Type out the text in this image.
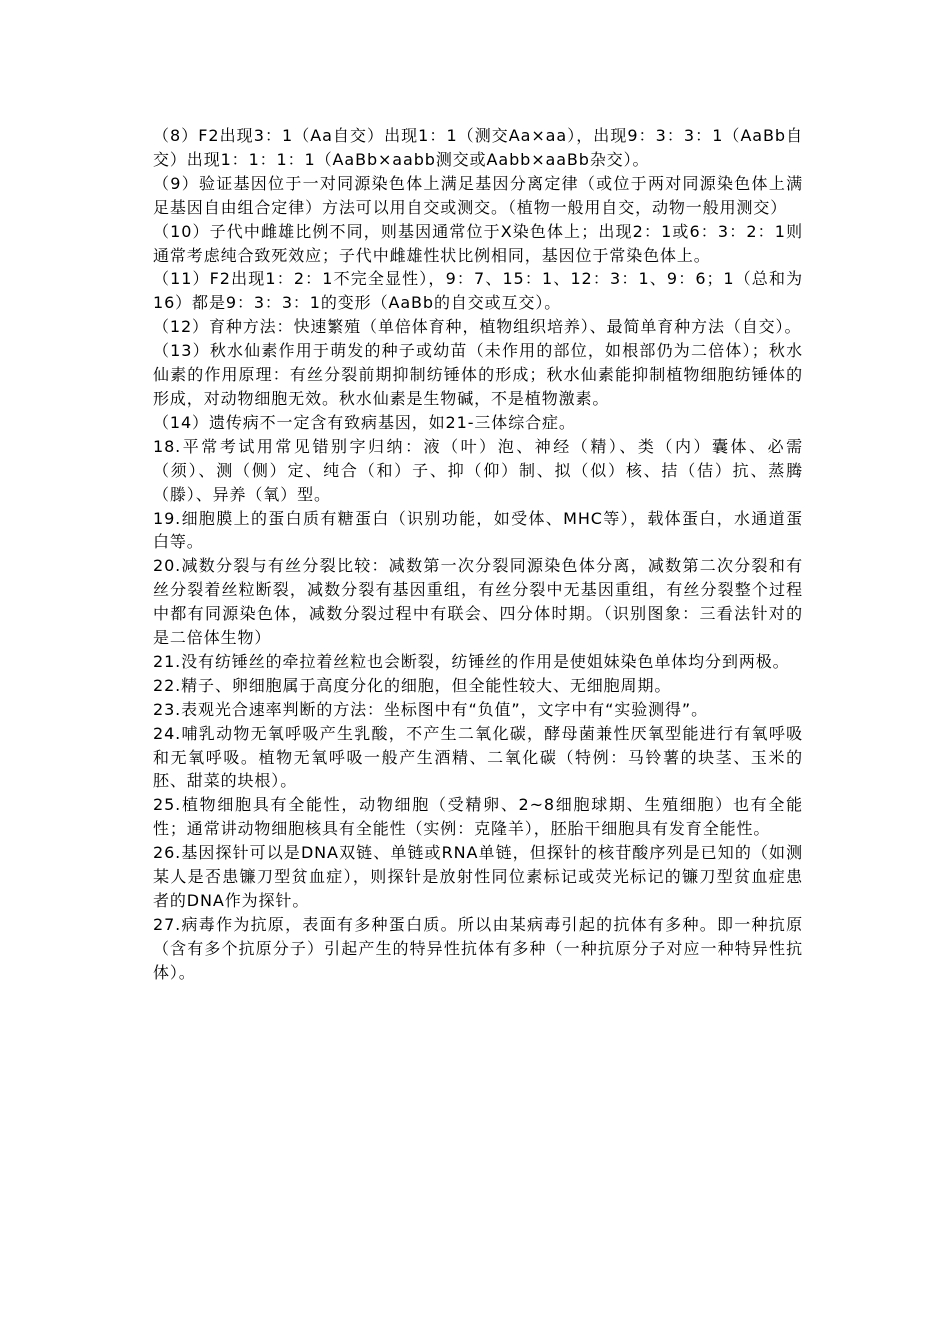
（8）F2出现3：1（Aa自交）出现1：1（测交Aa×aa），出现9：3：3：1（AaBb自交）出现1：1：1：1（AaBb×aabb测交或Aabb×aaBb杂交）。

（9）验证基因位于一对同源染色体上满足基因分离定律（或位于两对同源染色体上满足基因自由组合定律）方法可以用自交或测交。（植物一般用自交，动物一般用测交）

（10）子代中雌雄比例不同，则基因通常位于X染色体上；出现2：1或6：3：2：1则通常考虑纯合致死效应；子代中雌雄性状比例相同，基因位于常染色体上。

（11）F2出现1：2：1不完全显性），9：7、15：1、12：3：1、9：6；1（总和为16）都是9：3：3：1的变形（AaBb的自交或互交）。

（12）育种方法：快速繁殖（单倍体育种，植物组织培养）、最简单育种方法（自交）。

（13）秋水仙素作用于萌发的种子或幼苗（未作用的部位，如根部仍为二倍体）；秋水仙素的作用原理：有丝分裂前期抑制纺锤体的形成；秋水仙素能抑制植物细胞纺锤体的形成，对动物细胞无效。秋水仙素是生物碱，不是植物激素。

（14）遗传病不一定含有致病基因，如21-三体综合症。

18.平常考试用常见错别字归纳：液（叶）泡、神经（精）、类（内）囊体、必需（须）、测（侧）定、纯合（和）子、抑（仰）制、拟（似）核、拮（佶）抗、蒸腾（滕）、异养（氧）型。

19.细胞膜上的蛋白质有糖蛋白（识别功能，如受体、MHC等），载体蛋白，水通道蛋白等。

20.减数分裂与有丝分裂比较：减数第一次分裂同源染色体分离，减数第二次分裂和有丝分裂着丝粒断裂，减数分裂有基因重组，有丝分裂中无基因重组，有丝分裂整个过程中都有同源染色体，减数分裂过程中有联会、四分体时期。（识别图象：三看法针对的是二倍体生物）

21.没有纺锤丝的牵拉着丝粒也会断裂，纺锤丝的作用是使姐妹染色单体均分到两极。

22.精子、卵细胞属于高度分化的细胞，但全能性较大、无细胞周期。

23.表观光合速率判断的方法：坐标图中有“负值”，文字中有“实验测得”。

24.哺乳动物无氧呼吸产生乳酸，不产生二氧化碳，酵母菌兼性厌氧型能进行有氧呼吸和无氧呼吸。植物无氧呼吸一般产生酒精、二氧化碳（特例：马铃薯的块茎、玉米的胚、甜菜的块根）。

25.植物细胞具有全能性，动物细胞（受精卵、2~8细胞球期、生殖细胞）也有全能性；通常讲动物细胞核具有全能性（实例：克隆羊），胚胎干细胞具有发育全能性。

26.基因探针可以是DNA双链、单链或RNA单链，但探针的核苷酸序列是已知的（如测某人是否患镰刀型贫血症），则探针是放射性同位素标记或荧光标记的镰刀型贫血症患者的DNA作为探针。

27.病毒作为抗原，表面有多种蛋白质。所以由某病毒引起的抗体有多种。即一种抗原（含有多个抗原分子）引起产生的特异性抗体有多种（一种抗原分子对应一种特异性抗体）。
